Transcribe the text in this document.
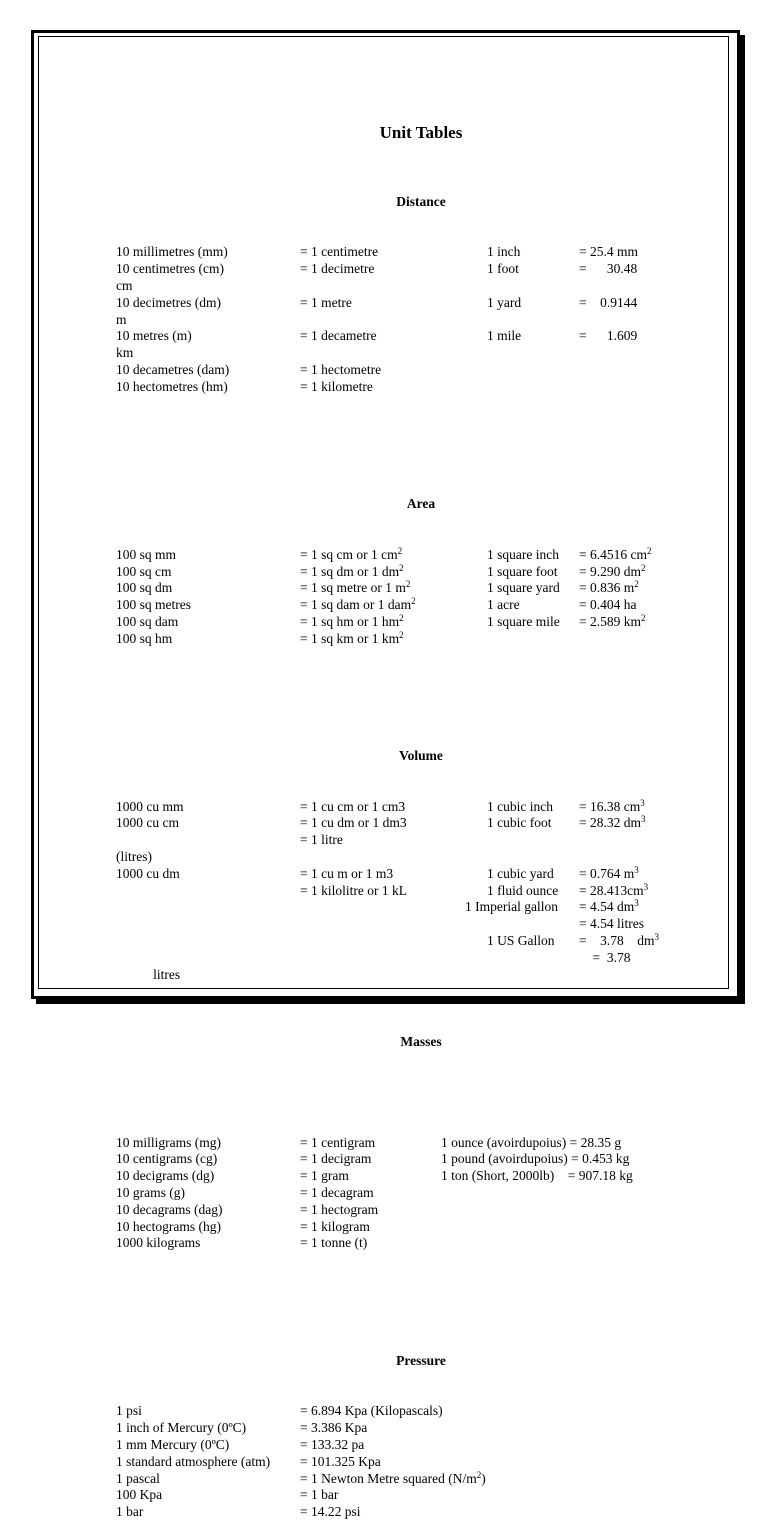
Unit Tables

Distance

10 millimetres (mm)	= 1 centimetre	1 inch	= 25.4 mm
10 centimetres (cm)	= 1 decimetre	1 foot	=      30.48
cm
10 decimetres (dm)	= 1 metre	1 yard	=    0.9144
m
10 metres (m)	= 1 decametre	1 mile	=      1.609
km
10 decametres (dam)	= 1 hectometre
10 hectometres (hm)	= 1 kilometre

Area

100 sq mm	= 1 sq cm or 1 $cm^2$	1 square inch = 6.4516 $cm^2$
100 sq cm	= 1 sq dm or 1 $dm^2$	1 square foot = 9.290 $dm^2$
100 sq dm	= 1 sq metre or 1 $m^2$	1 square yard = 0.836 $m^2$
100 sq metres	= 1 sq dam or 1 dam$^2$	1 acre	= 0.404 ha
100 sq dam	= 1 sq hm or 1 $hm^2$	1 square mile = 2.589 $km^2$
100 sq hm	= 1 sq km or 1 $km^2$

Volume

1000 cu mm	= 1 cu cm or 1 cm3	1 cubic inch = 16.38 $cm^3$
1000 cu cm	= 1 cu dm or 1 dm3	1 cubic foot = 28.32 $dm^3$
= 1 litre
(litres)
1000 cu dm	= 1 cu m or 1 m3	1 cubic yard = 0.764 $m^3$
= 1 kilolitre or 1 kL	1 fluid ounce = $28.413cm^3$
1 Imperial gallon = 4.54 $dm^3$
= 4.54 litres
1 US Gallon =    3.78    $dm^3$
=  3.78
litres

Masses

10 milligrams (mg)	= 1 centigram	1 ounce (avoirdupoius) = 28.35 g
10 centigrams (cg)	= 1 decigram	1 pound (avoirdupoius) = 0.453 kg
10 decigrams (dg)	= 1 gram	1 ton (Short, 2000lb)    = 907.18 kg
10 grams (g)	= 1 decagram
10 decagrams (dag)	= 1 hectogram
10 hectograms (hg)	= 1 kilogram
1000 kilograms	= 1 tonne (t)

Pressure

1 psi	= 6.894 Kpa (Kilopascals)
1 inch of Mercury (0ºC)	= 3.386 Kpa
1 mm Mercury (0ºC)	= 133.32 pa
1 standard atmosphere (atm) = 101.325 Kpa
1 pascal	= 1 Newton Metre squared $(N/m^2)$
100 Kpa	= 1 bar
1 bar	= 14.22 psi
